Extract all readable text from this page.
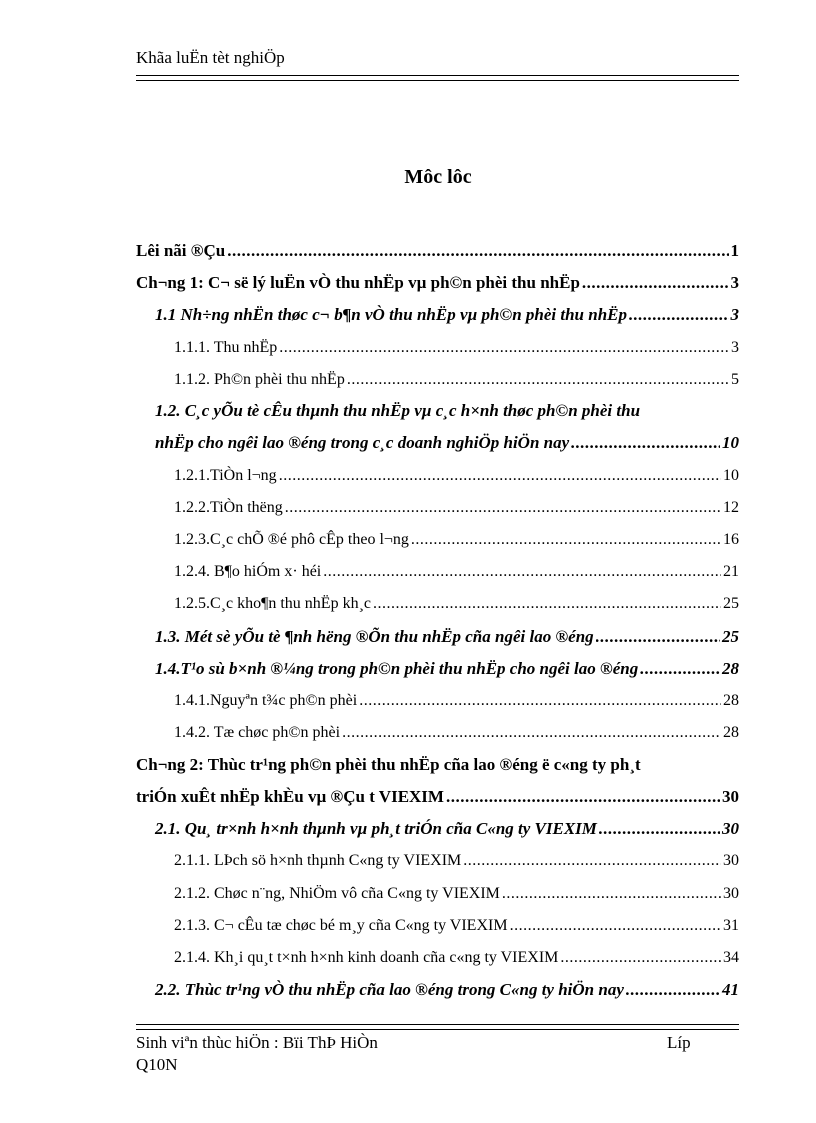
Khãa luËn tèt nghiÖp
Môc lôc
Lêi nãi ®Çu .....	1
Ch¬ng 1: C¬ së lý luËn vÒ thu nhËp vµ ph©n phèi thu nhËp .....	3
1.1 Nh÷ng nhËn thøc c¬ b¶n vÒ thu nhËp vµ ph©n phèi thu nhËp .....	3
1.1.1. Thu nhËp .....	3
1.1.2. Ph©n phèi thu nhËp .....	5
1.2. C¸c yÕu tè cÊu thµnh thu nhËp vµ c¸c h×nh thøc ph©n phèi thu
nhËp cho ngêi lao ®éng trong c¸c doanh nghiÖp hiÖn nay .....	10
1.2.1.TiÒn l¬ng .....	10
1.2.2.TiÒn thëng .....	12
1.2.3.C¸c chÕ ®é phô cÊp theo l¬ng .....	16
1.2.4. B¶o hiÓm x· héi .....	21
1.2.5.C¸c kho¶n thu nhËp kh¸c .....	25
1.3. Mét sè yÕu tè ¶nh hëng ®Õn thu nhËp cña ngêi lao ®éng .....	25
1.4.T¹o sù b×nh ®¼ng trong ph©n phèi thu nhËp cho ngêi lao ®éng .....	28
1.4.1.Nguyªn t¾c ph©n phèi .....	28
1.4.2. Tæ chøc ph©n phèi .....	28
Ch¬ng 2: Thùc tr¹ng ph©n phèi thu nhËp cña lao ®éng ë c«ng ty ph¸t
triÓn xuÊt nhËp khÈu vµ ®Çu t VIEXIM .....	30
2.1. Qu¸ tr×nh h×nh thµnh vµ ph¸t triÓn cña C«ng ty VIEXIM .....	30
2.1.1. LÞch sö h×nh thµnh C«ng ty VIEXIM .....	30
2.1.2. Chøc n¨ng, NhiÖm vô cña C«ng ty VIEXIM .....	30
2.1.3. C¬ cÊu tæ chøc bé m¸y cña C«ng ty VIEXIM .....	31
2.1.4. Kh¸i qu¸t t×nh h×nh kinh doanh cña c«ng ty VIEXIM .....	34
2.2. Thùc tr¹ng vÒ thu nhËp cña lao ®éng trong C«ng ty hiÖn nay .....	41
Sinh viªn thùc hiÖn : Bïi ThÞ HiÒn	Líp
Q10N
